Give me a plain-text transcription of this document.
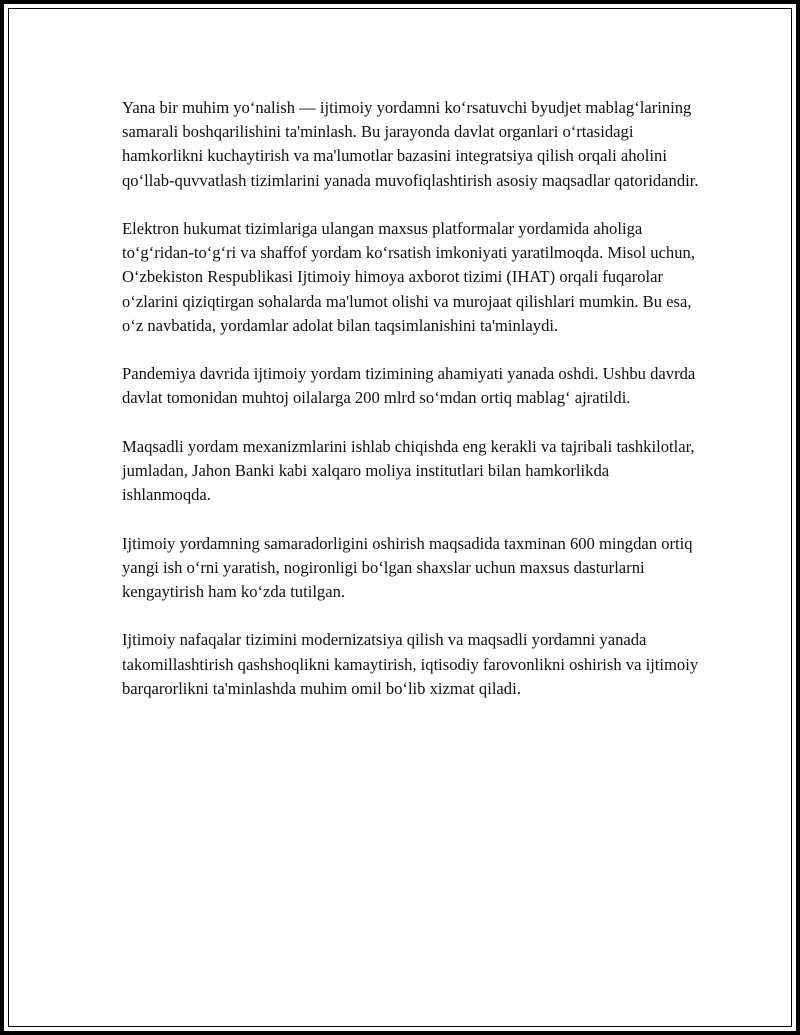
Yana bir muhim yo‘nalish — ijtimoiy yordamni ko‘rsatuvchi byudjet mablag‘larining samarali boshqarilishini ta'minlash. Bu jarayonda davlat organlari o‘rtasidagi hamkorlikni kuchaytirish va ma'lumotlar bazasini integratsiya qilish orqali aholini qo‘llab-quvvatlash tizimlarini yanada muvofiqlashtirish asosiy maqsadlar qatoridandir.

Elektron hukumat tizimlariga ulangan maxsus platformalar yordamida aholiga to‘g‘ridan-to‘g‘ri va shaffof yordam ko‘rsatish imkoniyati yaratilmoqda. Misol uchun, O‘zbekiston Respublikasi Ijtimoiy himoya axborot tizimi (IHAT) orqali fuqarolar o‘zlarini qiziqtirgan sohalarda ma'lumot olishi va murojaat qilishlari mumkin. Bu esa, o‘z navbatida, yordamlar adolat bilan taqsimlanishini ta'minlaydi.

Pandemiya davrida ijtimoiy yordam tizimining ahamiyati yanada oshdi. Ushbu davrda davlat tomonidan muhtoj oilalarga 200 mlrd so‘mdan ortiq mablag‘ ajratildi.

Maqsadli yordam mexanizmlarini ishlab chiqishda eng kerakli va tajribali tashkilotlar, jumladan, Jahon Banki kabi xalqaro moliya institutlari bilan hamkorlikda ishlanmoqda.

Ijtimoiy yordamning samaradorligini oshirish maqsadida taxminan 600 mingdan ortiq yangi ish o‘rni yaratish, nogironligi bo‘lgan shaxslar uchun maxsus dasturlarni kengaytirish ham ko‘zda tutilgan.

Ijtimoiy nafaqalar tizimini modernizatsiya qilish va maqsadli yordamni yanada takomillashtirish qashshoqlikni kamaytirish, iqtisodiy farovonlikni oshirish va ijtimoiy barqarorlikni ta'minlashda muhim omil bo‘lib xizmat qiladi.
